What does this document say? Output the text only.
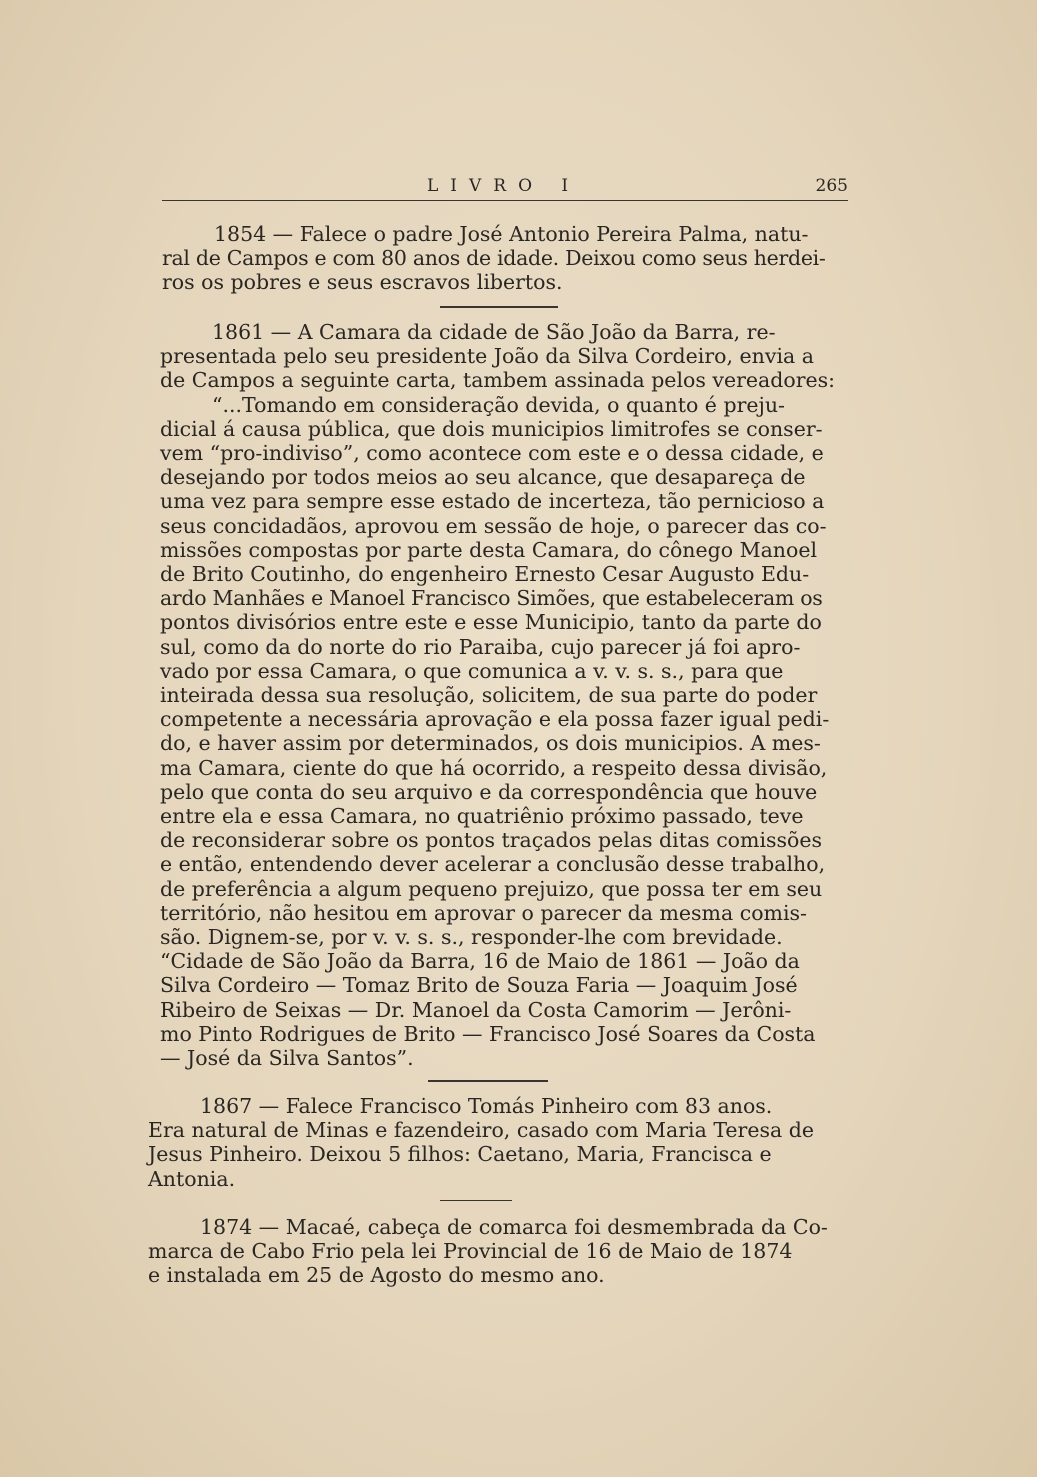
LIVRO I	265
1854 — Falece o padre José Antonio Pereira Palma, natu-
ral de Campos e com 80 anos de idade. Deixou como seus herdei-
ros os pobres e seus escravos libertos.
1861 — A Camara da cidade de São João da Barra, re-
presentada pelo seu presidente João da Silva Cordeiro, envia a
de Campos a seguinte carta, tambem assinada pelos vereadores:
“...Tomando em consideração devida, o quanto é preju-
dicial á causa pública, que dois municipios limitrofes se conser-
vem “pro-indiviso”, como acontece com este e o dessa cidade, e
desejando por todos meios ao seu alcance, que desapareça de
uma vez para sempre esse estado de incerteza, tão pernicioso a
seus concidadãos, aprovou em sessão de hoje, o parecer das co-
missões compostas por parte desta Camara, do cônego Manoel
de Brito Coutinho, do engenheiro Ernesto Cesar Augusto Edu-
ardo Manhães e Manoel Francisco Simões, que estabeleceram os
pontos divisórios entre este e esse Municipio, tanto da parte do
sul, como da do norte do rio Paraiba, cujo parecer já foi apro-
vado por essa Camara, o que comunica a v. v. s. s., para que
inteirada dessa sua resolução, solicitem, de sua parte do poder
competente a necessária aprovação e ela possa fazer igual pedi-
do, e haver assim por determinados, os dois municipios. A mes-
ma Camara, ciente do que há ocorrido, a respeito dessa divisão,
pelo que conta do seu arquivo e da correspondência que houve
entre ela e essa Camara, no quatriênio próximo passado, teve
de reconsiderar sobre os pontos traçados pelas ditas comissões
e então, entendendo dever acelerar a conclusão desse trabalho,
de preferência a algum pequeno prejuizo, que possa ter em seu
território, não hesitou em aprovar o parecer da mesma comis-
são. Dignem-se, por v. v. s. s., responder-lhe com brevidade.
“Cidade de São João da Barra, 16 de Maio de 1861 — João da
Silva Cordeiro — Tomaz Brito de Souza Faria — Joaquim José
Ribeiro de Seixas — Dr. Manoel da Costa Camorim — Jerôni-
mo Pinto Rodrigues de Brito — Francisco José Soares da Costa
— José da Silva Santos”.
1867 — Falece Francisco Tomás Pinheiro com 83 anos.
Era natural de Minas e fazendeiro, casado com Maria Teresa de
Jesus Pinheiro. Deixou 5 filhos: Caetano, Maria, Francisca e
Antonia.
1874 — Macaé, cabeça de comarca foi desmembrada da Co-
marca de Cabo Frio pela lei Provincial de 16 de Maio de 1874
e instalada em 25 de Agosto do mesmo ano.
